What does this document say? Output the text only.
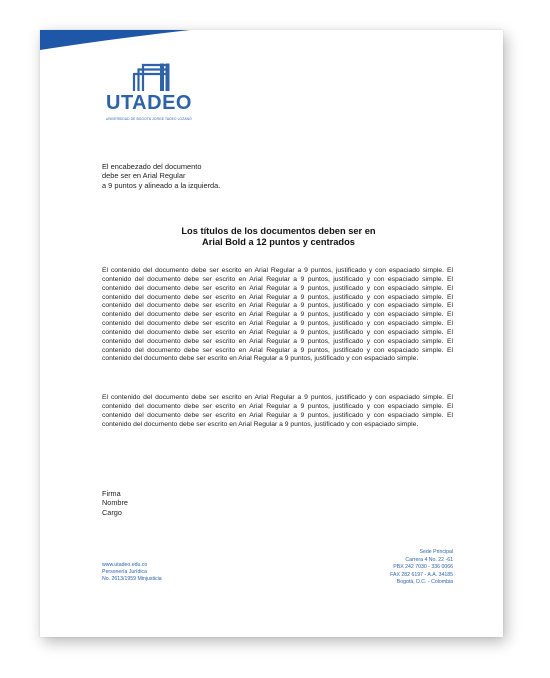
UTADEO
UNIVERSIDAD DE BOGOTÁ JORGE TADEO LOZANO
El encabezado del documento
debe ser en Arial Regular
a 9 puntos y alineado a la izquierda.
Los títulos de los documentos deben ser en
Arial Bold a 12 puntos y centrados

El contenido del documento debe ser escrito en Arial Regular a 9 puntos, justificado y con espaciado simple. El contenido del documento debe ser escrito en Arial Regular a 9 puntos, justificado y con espaciado simple. El contenido del documento debe ser escrito en Arial Regular a 9 puntos, justificado y con espaciado simple. El contenido del documento debe ser escrito en Arial Regular a 9 puntos, justificado y con espaciado simple. El contenido del documento debe ser escrito en Arial Regular a 9 puntos, justificado y con espaciado simple. El contenido del documento debe ser escrito en Arial Regular a 9 puntos, justificado y con espaciado simple. El contenido del documento debe ser escrito en Arial Regular a 9 puntos, justificado y con espaciado simple. El contenido del documento debe ser escrito en Arial Regular a 9 puntos, justificado y con espaciado simple. El contenido del documento debe ser escrito en Arial Regular a 9 puntos, justificado y con espaciado simple. El contenido del documento debe ser escrito en Arial Regular a 9 puntos, justificado y con espaciado simple. El contenido del documento debe ser escrito en Arial Regular a 9 puntos, justificado y con espaciado simple.

El contenido del documento debe ser escrito en Arial Regular a 9 puntos, justificado y con espaciado simple. El contenido del documento debe ser escrito en Arial Regular a 9 puntos, justificado y con espaciado simple. El contenido del documento debe ser escrito en Arial Regular a 9 puntos, justificado y con espaciado simple. El contenido del documento debe ser escrito en Arial Regular a 9 puntos, justificado y con espaciado simple.

Firma
Nombre
Cargo
www.utadeo.edu.co
Personería Jurídica
No. 2613/1959 Minjusticia
Sede Principal
Carrera 4 No. 22 -61
PBX 242 7030 - 336 0066
FAX 282 6197 - A.A. 34185
Bogotá, D.C. - Colombia
